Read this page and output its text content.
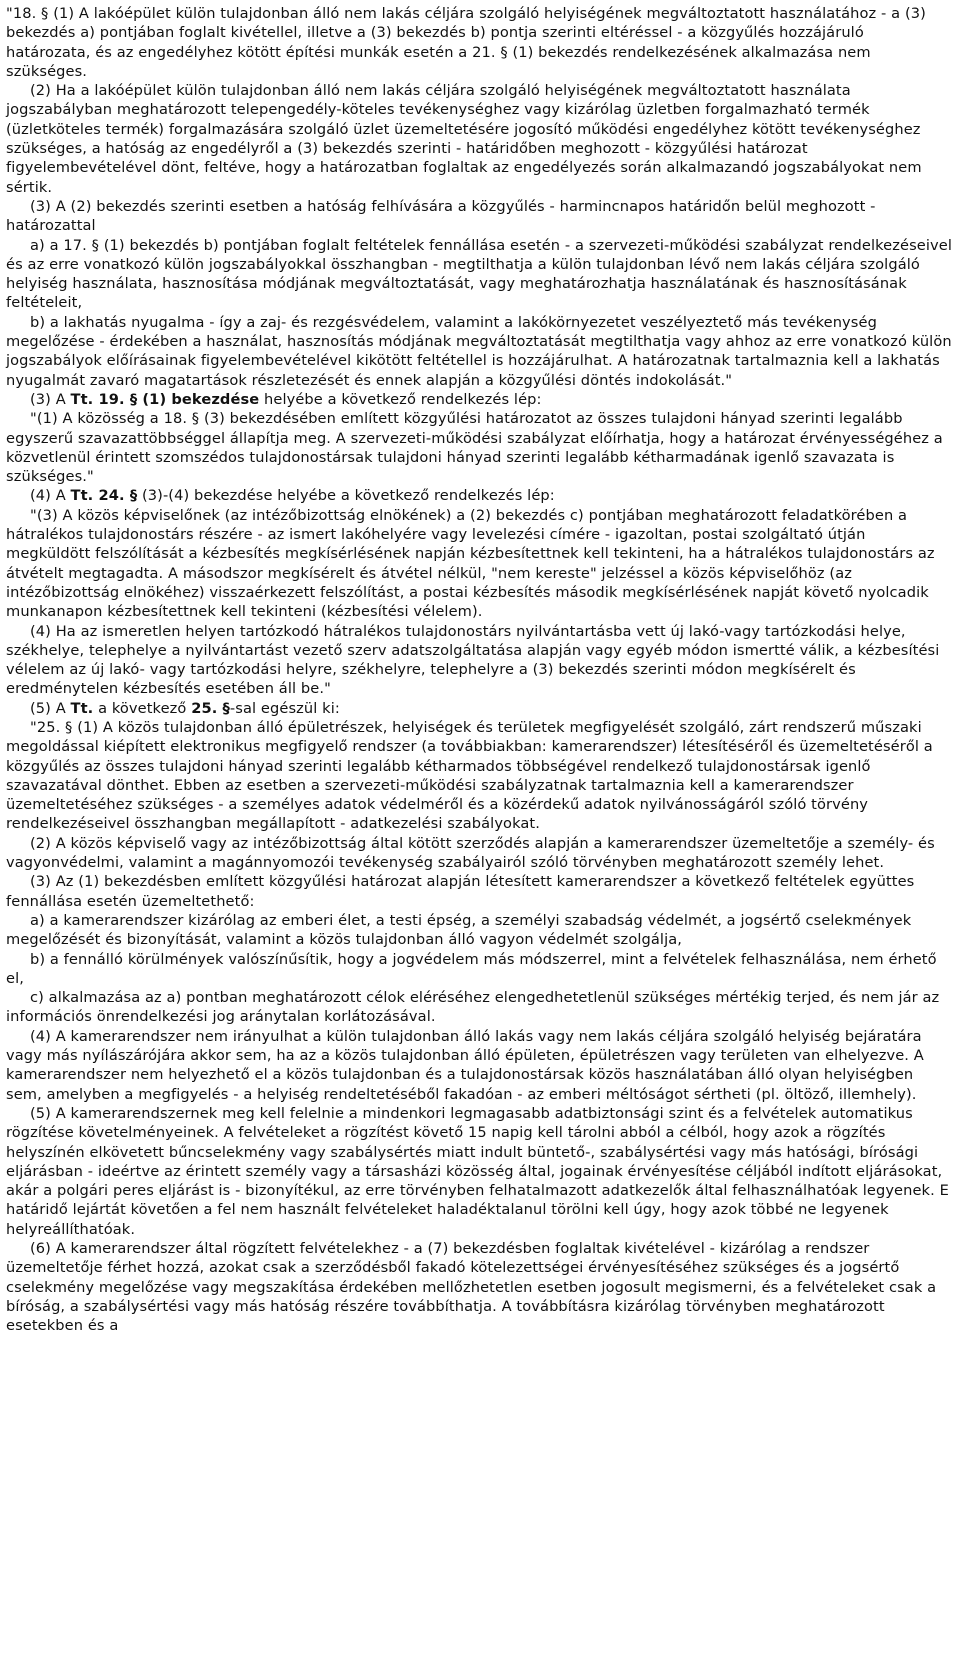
"18. § (1) A lakóépület külön tulajdonban álló nem lakás céljára szolgáló helyiségének megváltoztatott használatához - a (3) bekezdés a) pontjában foglalt kivétellel, illetve a (3) bekezdés b) pontja szerinti eltéréssel - a közgyűlés hozzájáruló határozata, és az engedélyhez kötött építési munkák esetén a 21. § (1) bekezdés rendelkezésének alkalmazása nem szükséges.

(2) Ha a lakóépület külön tulajdonban álló nem lakás céljára szolgáló helyiségének megváltoztatott használata jogszabályban meghatározott telepengedély-köteles tevékenységhez vagy kizárólag üzletben forgalmazható termék (üzletköteles termék) forgalmazására szolgáló üzlet üzemeltetésére jogosító működési engedélyhez kötött tevékenységhez szükséges, a hatóság az engedélyről a (3) bekezdés szerinti - határidőben meghozott - közgyűlési határozat figyelembevételével dönt, feltéve, hogy a határozatban foglaltak az engedélyezés során alkalmazandó jogszabályokat nem sértik.

(3) A (2) bekezdés szerinti esetben a hatóság felhívására a közgyűlés - harmincnapos határidőn belül meghozott - határozattal

a) a 17. § (1) bekezdés b) pontjában foglalt feltételek fennállása esetén - a szervezeti-működési szabályzat rendelkezéseivel és az erre vonatkozó külön jogszabályokkal összhangban - megtilthatja a külön tulajdonban lévő nem lakás céljára szolgáló helyiség használata, hasznosítása módjának megváltoztatását, vagy meghatározhatja használatának és hasznosításának feltételeit,

b) a lakhatás nyugalma - így a zaj- és rezgésvédelem, valamint a lakókörnyezetet veszélyeztető más tevékenység megelőzése - érdekében a használat, hasznosítás módjának megváltoztatását megtilthatja vagy ahhoz az erre vonatkozó külön jogszabályok előírásainak figyelembevételével kikötött feltétellel is hozzájárulhat. A határozatnak tartalmaznia kell a lakhatás nyugalmát zavaró magatartások részletezését és ennek alapján a közgyűlési döntés indokolását."

(3) A Tt. 19. § (1) bekezdése helyébe a következő rendelkezés lép:

"(1) A közösség a 18. § (3) bekezdésében említett közgyűlési határozatot az összes tulajdoni hányad szerinti legalább egyszerű szavazattöbbséggel állapítja meg. A szervezeti-működési szabályzat előírhatja, hogy a határozat érvényességéhez a közvetlenül érintett szomszédos tulajdonostársak tulajdoni hányad szerinti legalább kétharmadának igenlő szavazata is szükséges."

(4) A Tt. 24. § (3)-(4) bekezdése helyébe a következő rendelkezés lép:

"(3) A közös képviselőnek (az intézőbizottság elnökének) a (2) bekezdés c) pontjában meghatározott feladatkörében a hátralékos tulajdonostárs részére - az ismert lakóhelyére vagy levelezési címére - igazoltan, postai szolgáltató útján megküldött felszólítását a kézbesítés megkísérlésének napján kézbesítettnek kell tekinteni, ha a hátralékos tulajdonostárs az átvételt megtagadta. A másodszor megkísérelt és átvétel nélkül, "nem kereste" jelzéssel a közös képviselőhöz (az intézőbizottság elnökéhez) visszaérkezett felszólítást, a postai kézbesítés második megkísérlésének napját követő nyolcadik munkanapon kézbesítettnek kell tekinteni (kézbesítési vélelem).

(4) Ha az ismeretlen helyen tartózkodó hátralékos tulajdonostárs nyilvántartásba vett új lakó-vagy tartózkodási helye, székhelye, telephelye a nyilvántartást vezető szerv adatszolgáltatása alapján vagy egyéb módon ismertté válik, a kézbesítési vélelem az új lakó- vagy tartózkodási helyre, székhelyre, telephelyre a (3) bekezdés szerinti módon megkísérelt és eredménytelen kézbesítés esetében áll be."

(5) A Tt. a következő 25. §-sal egészül ki:

"25. § (1) A közös tulajdonban álló épületrészek, helyiségek és területek megfigyelését szolgáló, zárt rendszerű műszaki megoldással kiépített elektronikus megfigyelő rendszer (a továbbiakban: kamerarendszer) létesítéséről és üzemeltetéséről a közgyűlés az összes tulajdoni hányad szerinti legalább kétharmados többségével rendelkező tulajdonostársak igenlő szavazatával dönthet. Ebben az esetben a szervezeti-működési szabályzatnak tartalmaznia kell a kamerarendszer üzemeltetéséhez szükséges - a személyes adatok védelméről és a közérdekű adatok nyilvánosságáról szóló törvény rendelkezéseivel összhangban megállapított - adatkezelési szabályokat.

(2) A közös képviselő vagy az intézőbizottság által kötött szerződés alapján a kamerarendszer üzemeltetője a személy- és vagyonvédelmi, valamint a magánnyomozói tevékenység szabályairól szóló törvényben meghatározott személy lehet.

(3) Az (1) bekezdésben említett közgyűlési határozat alapján létesített kamerarendszer a következő feltételek együttes fennállása esetén üzemeltethető:

a) a kamerarendszer kizárólag az emberi élet, a testi épség, a személyi szabadság védelmét, a jogsértő cselekmények megelőzését és bizonyítását, valamint a közös tulajdonban álló vagyon védelmét szolgálja,

b) a fennálló körülmények valószínűsítik, hogy a jogvédelem más módszerrel, mint a felvételek felhasználása, nem érhető el,

c) alkalmazása az a) pontban meghatározott célok eléréséhez elengedhetetlenül szükséges mértékig terjed, és nem jár az információs önrendelkezési jog aránytalan korlátozásával.

(4) A kamerarendszer nem irányulhat a külön tulajdonban álló lakás vagy nem lakás céljára szolgáló helyiség bejáratára vagy más nyílászárójára akkor sem, ha az a közös tulajdonban álló épületen, épületrészen vagy területen van elhelyezve. A kamerarendszer nem helyezhető el a közös tulajdonban és a tulajdonostársak közös használatában álló olyan helyiségben sem, amelyben a megfigyelés - a helyiség rendeltetéséből fakadóan - az emberi méltóságot sértheti (pl. öltöző, illemhely).

(5) A kamerarendszernek meg kell felelnie a mindenkori legmagasabb adatbiztonsági szint és a felvételek automatikus rögzítése követelményeinek. A felvételeket a rögzítést követő 15 napig kell tárolni abból a célból, hogy azok a rögzítés helyszínén elkövetett bűncselekmény vagy szabálysértés miatt indult büntető-, szabálysértési vagy más hatósági, bírósági eljárásban - ideértve az érintett személy vagy a társasházi közösség által, jogainak érvényesítése céljából indított eljárásokat, akár a polgári peres eljárást is - bizonyítékul, az erre törvényben felhatalmazott adatkezelők által felhasználhatóak legyenek. E határidő lejártát követően a fel nem használt felvételeket haladéktalanul törölni kell úgy, hogy azok többé ne legyenek helyreállíthatóak.

(6) A kamerarendszer által rögzített felvételekhez - a (7) bekezdésben foglaltak kivételével - kizárólag a rendszer üzemeltetője férhet hozzá, azokat csak a szerződésből fakadó kötelezettségei érvényesítéséhez szükséges és a jogsértő cselekmény megelőzése vagy megszakítása érdekében mellőzhetetlen esetben jogosult megismerni, és a felvételeket csak a bíróság, a szabálysértési vagy más hatóság részére továbbíthatja. A továbbításra kizárólag törvényben meghatározott esetekben és a
